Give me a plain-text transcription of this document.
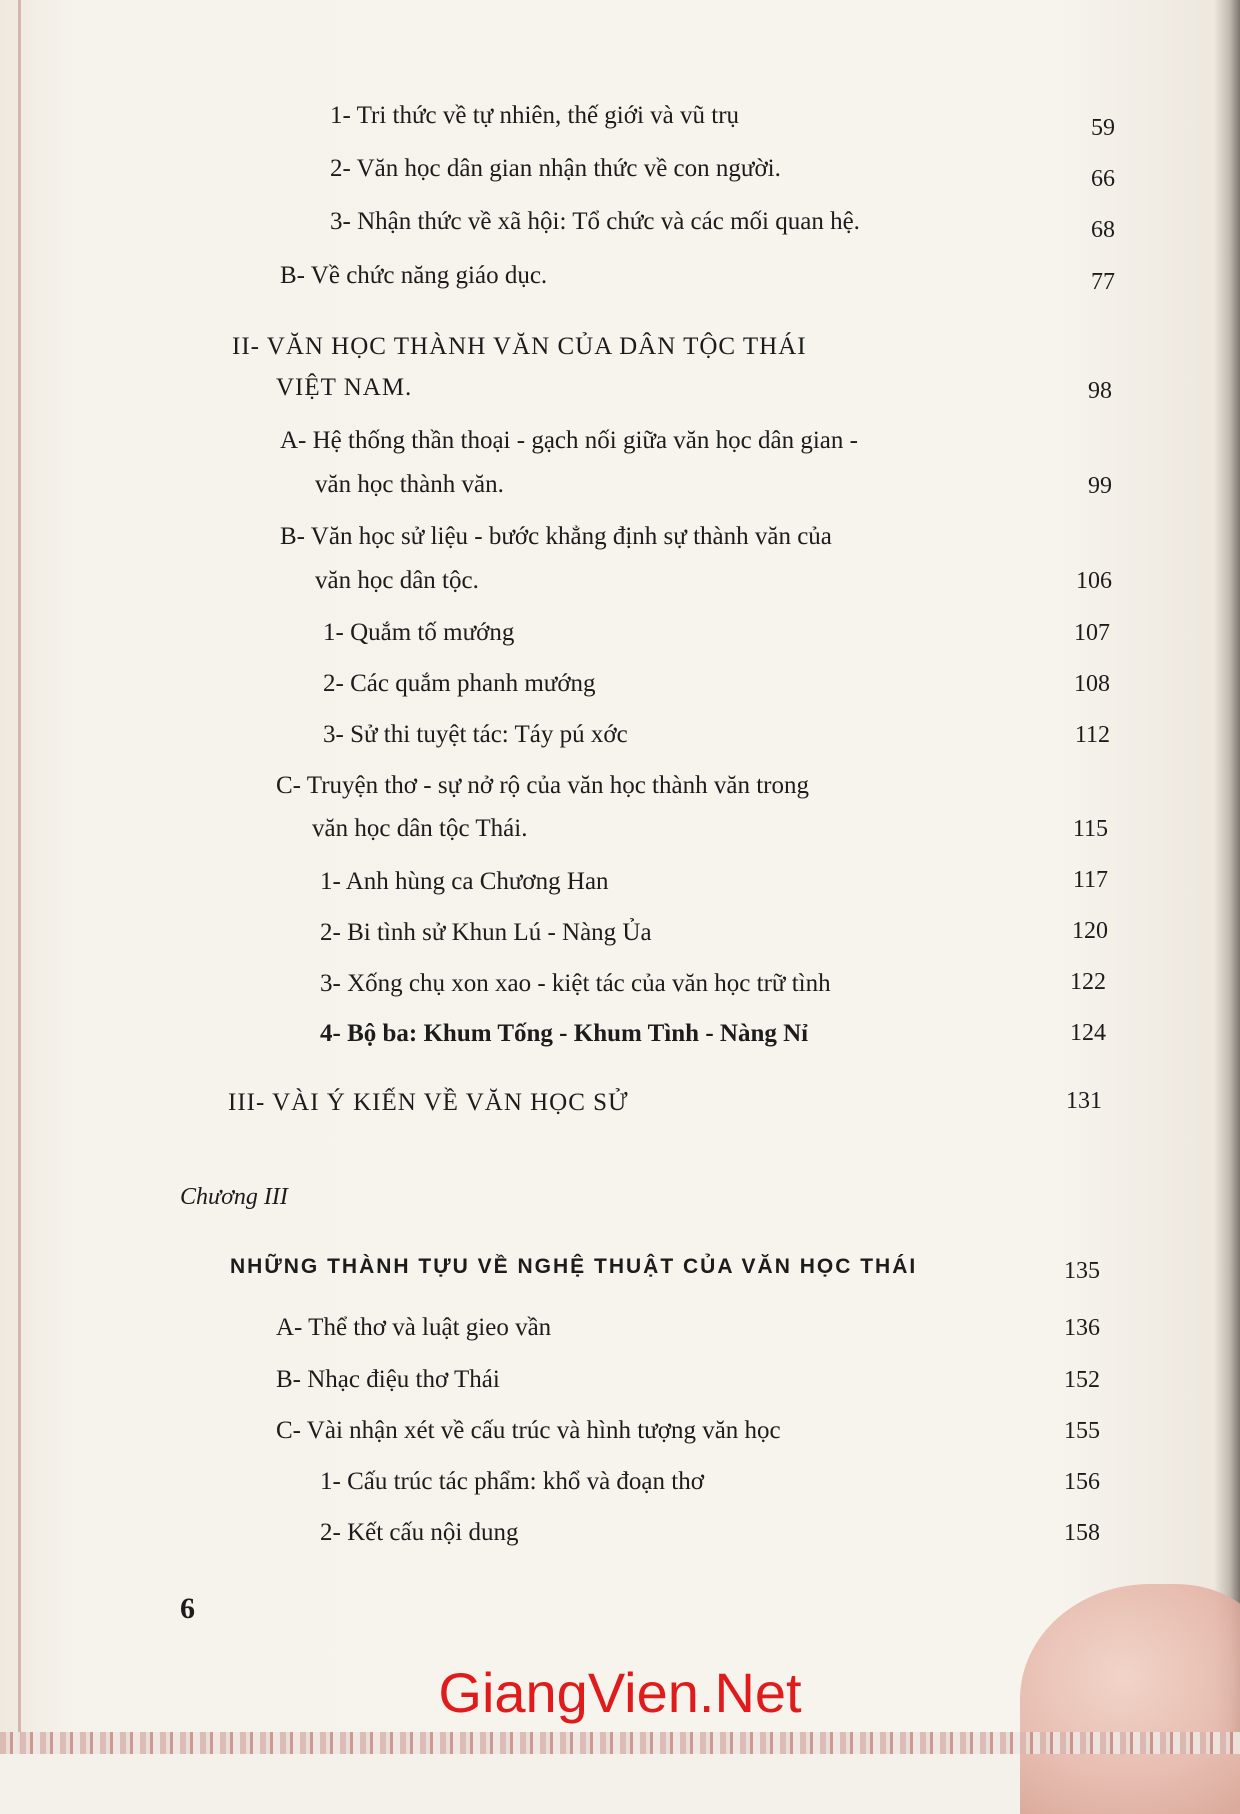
1- Tri thức về tự nhiên, thế giới và vũ trụ	59
2- Văn học dân gian nhận thức về con người.	66
3- Nhận thức về xã hội: Tổ chức và các mối quan hệ.	68
B- Về chức năng giáo dục.	77
II- VĂN HỌC THÀNH VĂN CỦA DÂN TỘC THÁI
VIỆT NAM.	98
A- Hệ thống thần thoại - gạch nối giữa văn học dân gian -
văn học thành văn.	99
B- Văn học sử liệu - bước khẳng định sự thành văn của
văn học dân tộc.	106
1- Quắm tố mướng	107
2- Các quắm phanh mướng	108
3- Sử thi tuyệt tác: Táy pú xớc	112
C- Truyện thơ - sự nở rộ của văn học thành văn trong
văn học dân tộc Thái.	115
1- Anh hùng ca Chương Han	117
2- Bi tình sử Khun Lú - Nàng Ủa	120
3- Xống chụ xon xao - kiệt tác của văn học trữ tình	122
4- Bộ ba: Khum Tống - Khum Tình - Nàng Nỉ	124
III- VÀI Ý KIẾN VỀ VĂN HỌC SỬ	131
Chương III
NHỮNG THÀNH TỰU VỀ NGHỆ THUẬT CỦA VĂN HỌC THÁI	135
A- Thể thơ và luật gieo vần	136
B- Nhạc điệu thơ Thái	152
C- Vài nhận xét về cấu trúc và hình tượng văn học	155
1- Cấu trúc tác phẩm: khổ và đoạn thơ	156
2- Kết cấu nội dung	158
6
GiangVien.Net
